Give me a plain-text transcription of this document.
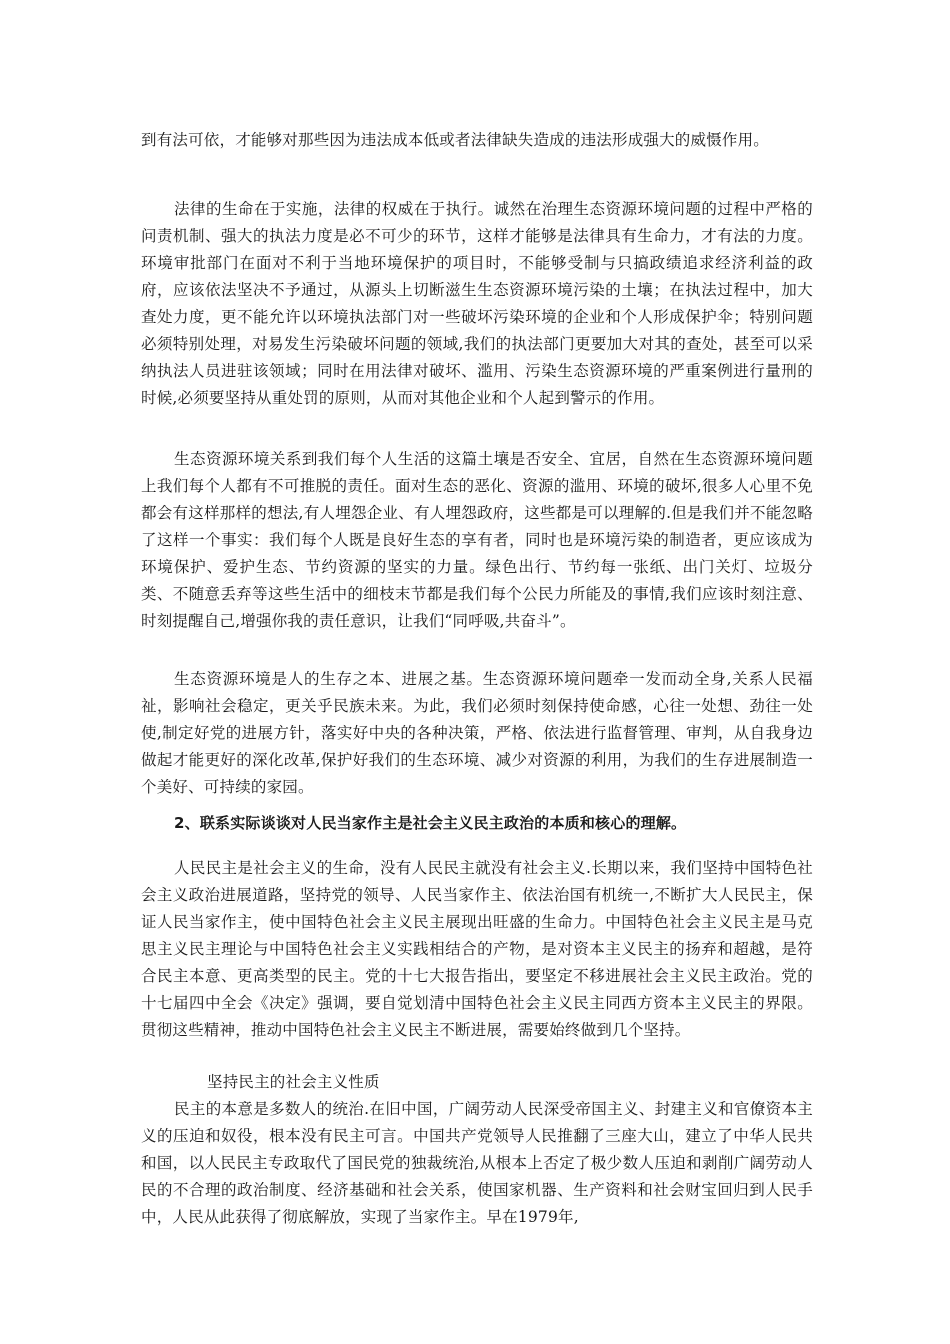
到有法可依，才能够对那些因为违法成本低或者法律缺失造成的违法形成强大的威慑作用。

法律的生命在于实施，法律的权威在于执行。诚然在治理生态资源环境问题的过程中严格的问责机制、强大的执法力度是必不可少的环节，这样才能够是法律具有生命力，才有法的力度。环境审批部门在面对不利于当地环境保护的项目时，不能够受制与只搞政绩追求经济利益的政府，应该依法坚决不予通过，从源头上切断滋生生态资源环境污染的土壤；在执法过程中，加大查处力度，更不能允许以环境执法部门对一些破坏污染环境的企业和个人形成保护伞；特别问题必须特别处理，对易发生污染破坏问题的领域,我们的执法部门更要加大对其的查处，甚至可以采纳执法人员进驻该领域；同时在用法律对破坏、滥用、污染生态资源环境的严重案例进行量刑的时候,必须要坚持从重处罚的原则，从而对其他企业和个人起到警示的作用。

生态资源环境关系到我们每个人生活的这篇土壤是否安全、宜居，自然在生态资源环境问题上我们每个人都有不可推脱的责任。面对生态的恶化、资源的滥用、环境的破坏,很多人心里不免都会有这样那样的想法,有人埋怨企业、有人埋怨政府，这些都是可以理解的.但是我们并不能忽略了这样一个事实：我们每个人既是良好生态的享有者，同时也是环境污染的制造者，更应该成为环境保护、爱护生态、节约资源的坚实的力量。绿色出行、节约每一张纸、出门关灯、垃圾分类、不随意丢弃等这些生活中的细枝末节都是我们每个公民力所能及的事情,我们应该时刻注意、时刻提醒自己,增强你我的责任意识，让我们“同呼吸,共奋斗”。

生态资源环境是人的生存之本、进展之基。生态资源环境问题牵一发而动全身,关系人民福祉，影响社会稳定，更关乎民族未来。为此，我们必须时刻保持使命感，心往一处想、劲往一处使,制定好党的进展方针，落实好中央的各种决策，严格、依法进行监督管理、审判，从自我身边做起才能更好的深化改革,保护好我们的生态环境、减少对资源的利用，为我们的生存进展制造一个美好、可持续的家园。

2、联系实际谈谈对人民当家作主是社会主义民主政治的本质和核心的理解。

人民民主是社会主义的生命，没有人民民主就没有社会主义.长期以来，我们坚持中国特色社会主义政治进展道路，坚持党的领导、人民当家作主、依法治国有机统一,不断扩大人民民主，保证人民当家作主，使中国特色社会主义民主展现出旺盛的生命力。中国特色社会主义民主是马克思主义民主理论与中国特色社会主义实践相结合的产物，是对资本主义民主的扬弃和超越，是符合民主本意、更高类型的民主。党的十七大报告指出，要坚定不移进展社会主义民主政治。党的十七届四中全会《决定》强调，要自觉划清中国特色社会主义民主同西方资本主义民主的界限。贯彻这些精神，推动中国特色社会主义民主不断进展，需要始终做到几个坚持。

坚持民主的社会主义性质

民主的本意是多数人的统治.在旧中国，广阔劳动人民深受帝国主义、封建主义和官僚资本主义的压迫和奴役，根本没有民主可言。中国共产党领导人民推翻了三座大山，建立了中华人民共和国，以人民民主专政取代了国民党的独裁统治,从根本上否定了极少数人压迫和剥削广阔劳动人民的不合理的政治制度、经济基础和社会关系，使国家机器、生产资料和社会财宝回归到人民手中，人民从此获得了彻底解放，实现了当家作主。早在1979年,
